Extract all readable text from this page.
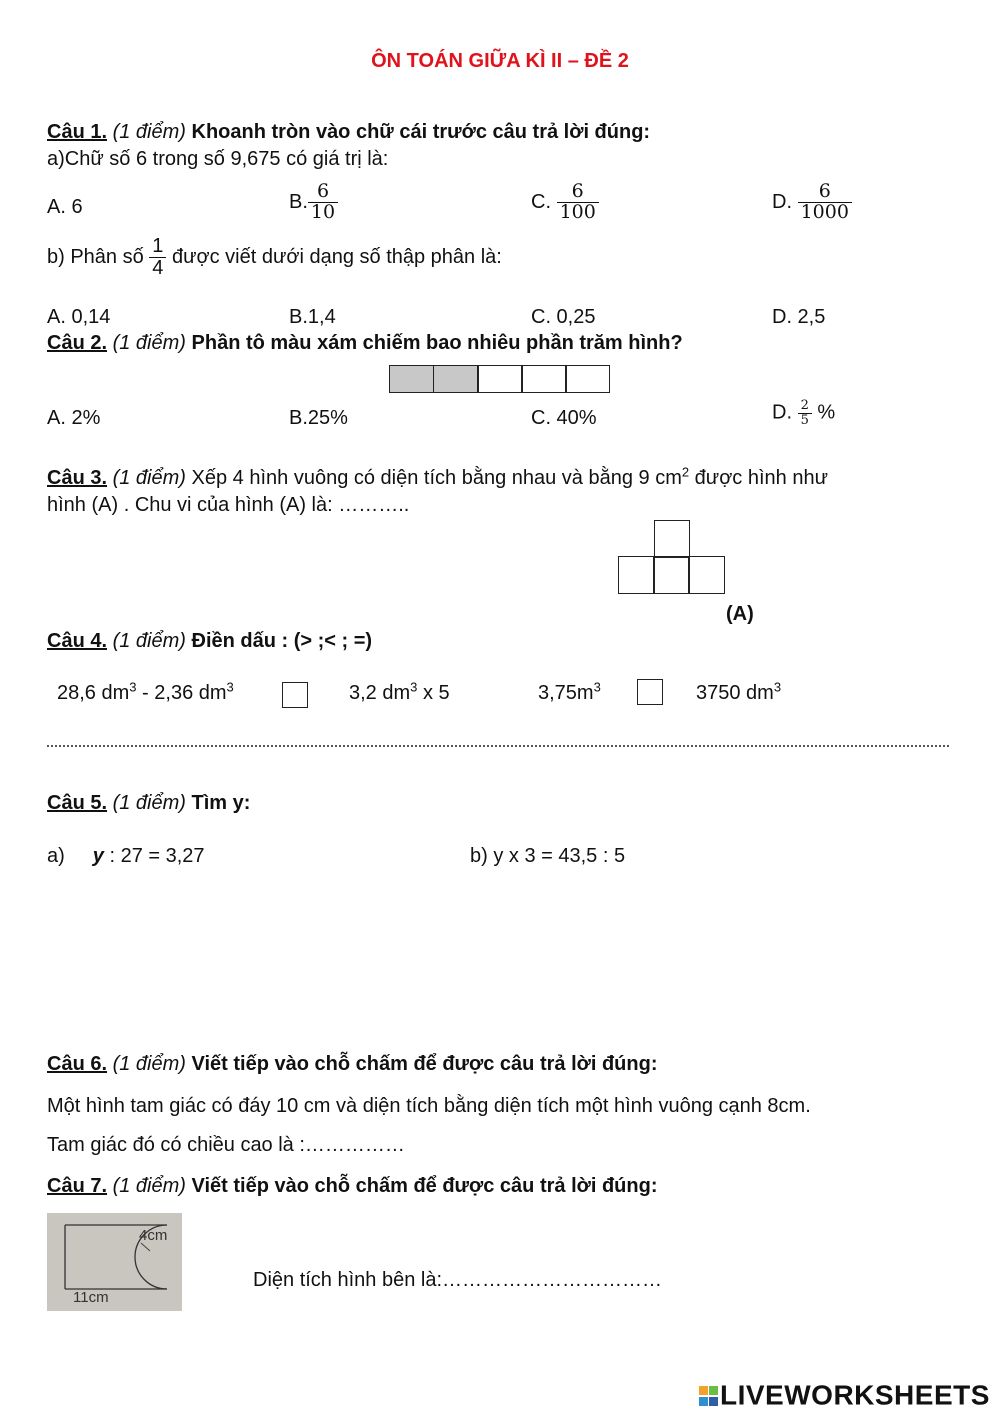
ÔN TOÁN GIỮA KÌ II – ĐỀ 2
Câu 1. (1 điểm) Khoanh tròn vào chữ cái trước câu trả lời đúng:
a)Chữ số 6 trong số 9,675 có giá trị là:
A. 6	B. $\frac{6}{10}$	C. $\frac{6}{100}$	D. $\frac{6}{1000}$
b) Phân số $\frac{1}{4}$ được viết dưới dạng số thập phân là:
A. 0,14	B.1,4	C. 0,25	D. 2,5
Câu 2. (1 điểm) Phần tô màu xám chiếm bao nhiêu phần trăm hình?
A. 2%	B.25%	C. 40%	D. $\frac{2}{5}$ %
Câu 3. (1 điểm) Xếp 4 hình vuông có diện tích bằng nhau và bằng 9 $cm^2$ được hình như
hình (A) . Chu vi của hình (A) là: ………..
(A)
Câu 4. (1 điểm) Điền dấu : (> ;< ; =)
28,6 $dm^3 - 2,36$ $dm^3$	3,2 $dm^3$ x 5	$3,75m^3$	3750 $dm^3$
Câu 5. (1 điểm) Tìm y:
a) y : 27 = 3,27	b) y x 3 = 43,5 : 5
Câu 6. (1 điểm) Viết tiếp vào chỗ chấm để được câu trả lời đúng:
Một hình tam giác có đáy 10 cm và diện tích bằng diện tích một hình vuông cạnh 8cm.
Tam giác đó có chiều cao là :……………
Câu 7. (1 điểm) Viết tiếp vào chỗ chấm để được câu trả lời đúng:
4cm
11cm
Diện tích hình bên là:……………………………
LIVEWORKSHEETS
